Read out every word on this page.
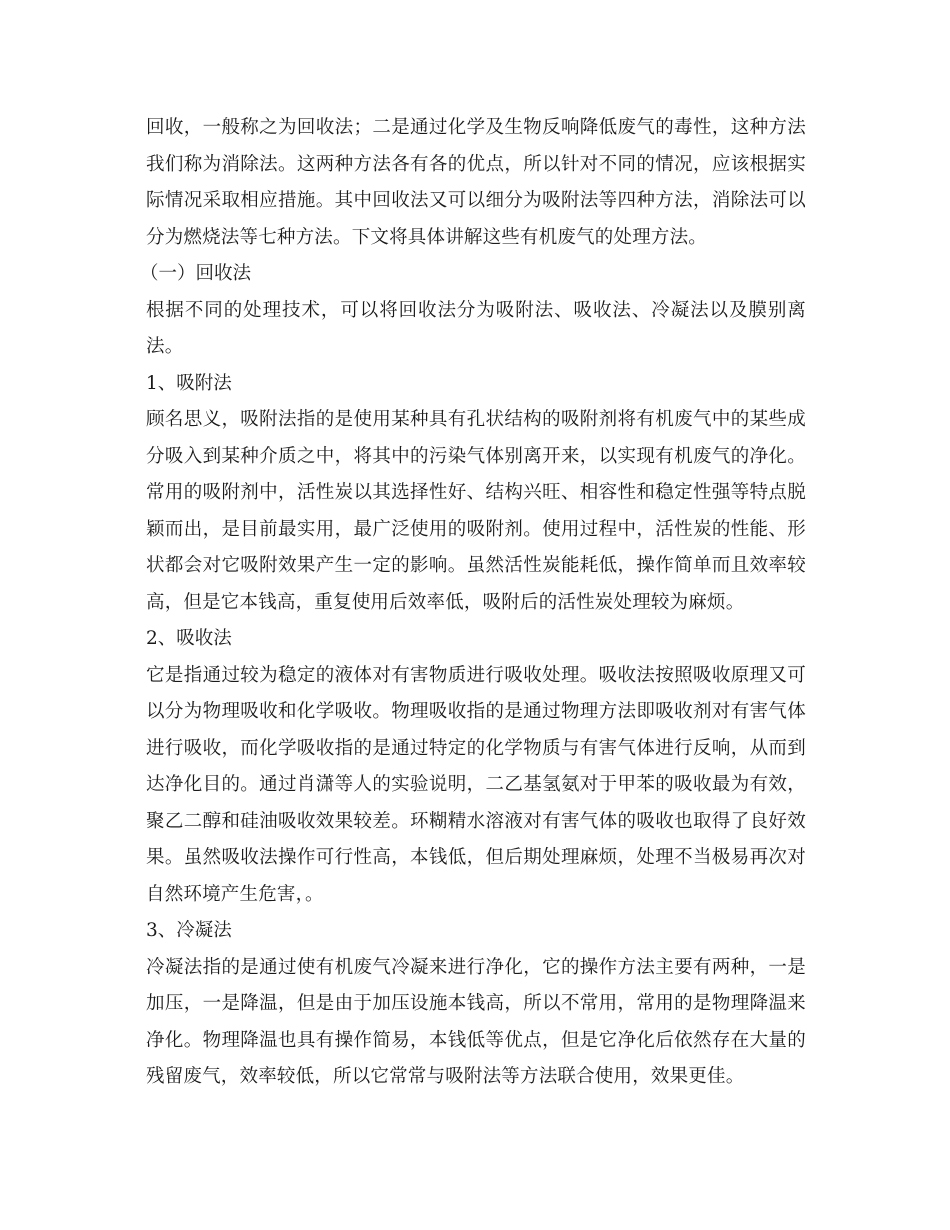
回收，一般称之为回收法；二是通过化学及生物反响降低废气的毒性，这种方法我们称为消除法。这两种方法各有各的优点，所以针对不同的情况，应该根据实际情况采取相应措施。其中回收法又可以细分为吸附法等四种方法，消除法可以分为燃烧法等七种方法。下文将具体讲解这些有机废气的处理方法。

（一）回收法

根据不同的处理技术，可以将回收法分为吸附法、吸收法、冷凝法以及膜别离法。

1、吸附法

顾名思义，吸附法指的是使用某种具有孔状结构的吸附剂将有机废气中的某些成分吸入到某种介质之中，将其中的污染气体别离开来，以实现有机废气的净化。常用的吸附剂中，活性炭以其选择性好、结构兴旺、相容性和稳定性强等特点脱颖而出，是目前最实用，最广泛使用的吸附剂。使用过程中，活性炭的性能、形状都会对它吸附效果产生一定的影响。虽然活性炭能耗低，操作简单而且效率较高，但是它本钱高，重复使用后效率低，吸附后的活性炭处理较为麻烦。

2、吸收法

它是指通过较为稳定的液体对有害物质进行吸收处理。吸收法按照吸收原理又可以分为物理吸收和化学吸收。物理吸收指的是通过物理方法即吸收剂对有害气体进行吸收，而化学吸收指的是通过特定的化学物质与有害气体进行反响，从而到达净化目的。通过肖潇等人的实验说明，二乙基氢氨对于甲苯的吸收最为有效，聚乙二醇和硅油吸收效果较差。环糊精水溶液对有害气体的吸收也取得了良好效果。虽然吸收法操作可行性高，本钱低，但后期处理麻烦，处理不当极易再次对自然环境产生危害，。

3、冷凝法

冷凝法指的是通过使有机废气冷凝来进行净化，它的操作方法主要有两种，一是加压，一是降温，但是由于加压设施本钱高，所以不常用，常用的是物理降温来净化。物理降温也具有操作简易，本钱低等优点，但是它净化后依然存在大量的残留废气，效率较低，所以它常常与吸附法等方法联合使用，效果更佳。
